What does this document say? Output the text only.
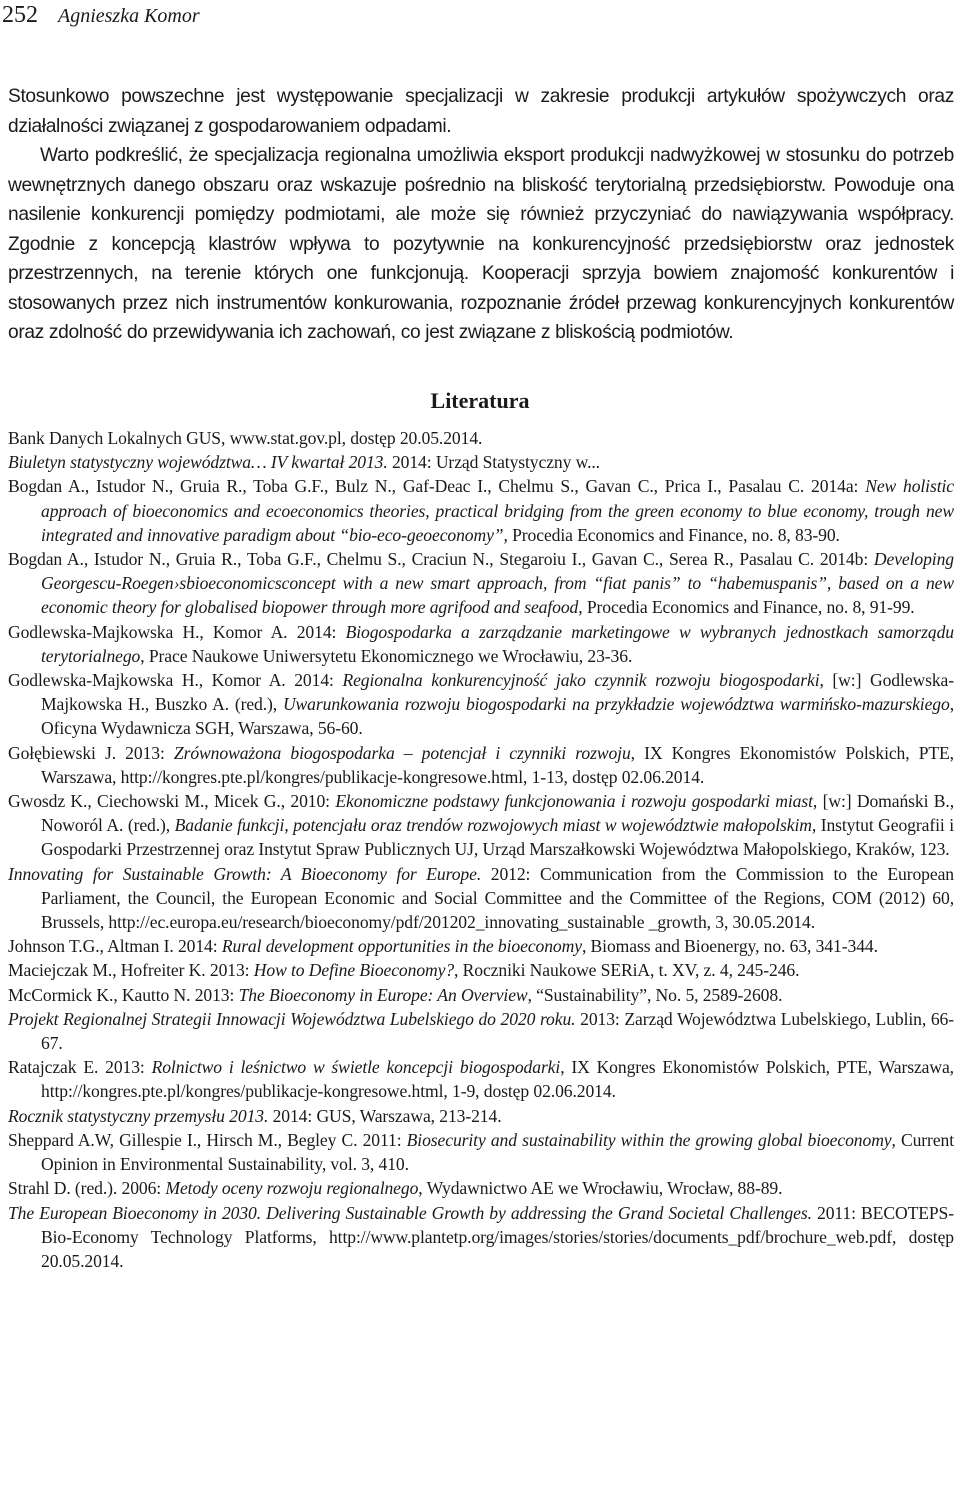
252 Agnieszka Komor

Stosunkowo powszechne jest występowanie specjalizacji w zakresie produkcji artykułów spożywczych oraz działalności związanej z gospodarowaniem odpadami.

Warto podkreślić, że specjalizacja regionalna umożliwia eksport produkcji nadwyżkowej w stosunku do potrzeb wewnętrznych danego obszaru oraz wskazuje pośrednio na bliskość terytorialną przedsiębiorstw. Powoduje ona nasilenie konkurencji pomiędzy podmiotami, ale może się również przyczyniać do nawiązywania współpracy. Zgodnie z koncepcją klastrów wpływa to pozytywnie na konkurencyjność przedsiębiorstw oraz jednostek przestrzennych, na terenie których one funkcjonują. Kooperacji sprzyja bowiem znajomość konkurentów i stosowanych przez nich instrumentów konkurowania, rozpoznanie źródeł przewag konkurencyjnych konkurentów oraz zdolność do przewidywania ich zachowań, co jest związane z bliskością podmiotów.

Literatura

Bank Danych Lokalnych GUS, www.stat.gov.pl, dostęp 20.05.2014.

Biuletyn statystyczny województwa… IV kwartał 2013. 2014: Urząd Statystyczny w...

Bogdan A., Istudor N., Gruia R., Toba G.F., Bulz N., Gaf-Deac I., Chelmu S., Gavan C., Prica I., Pasalau C. 2014a: New holistic approach of bioeconomics and ecoeconomics theories, practical bridging from the green economy to blue economy, trough new integrated and innovative paradigm about “bio-eco-geoeconomy”, Procedia Economics and Finance, no. 8, 83-90.

Bogdan A., Istudor N., Gruia R., Toba G.F., Chelmu S., Craciun N., Stegaroiu I., Gavan C., Serea R., Pasalau C. 2014b: Developing Georgescu-Roegen›sbioeconomicsconcept with a new smart approach, from “fiat panis” to “habemuspanis”, based on a new economic theory for globalised biopower through more agrifood and seafood, Procedia Economics and Finance, no. 8, 91-99.

Godlewska-Majkowska H., Komor A. 2014: Biogospodarka a zarządzanie marketingowe w wybranych jednostkach samorządu terytorialnego, Prace Naukowe Uniwersytetu Ekonomicznego we Wrocławiu, 23-36.

Godlewska-Majkowska H., Komor A. 2014: Regionalna konkurencyjność jako czynnik rozwoju biogospodarki, [w:] Godlewska-Majkowska H., Buszko A. (red.), Uwarunkowania rozwoju biogospodarki na przykładzie województwa warmińsko-mazurskiego, Oficyna Wydawnicza SGH, Warszawa, 56-60.

Gołębiewski J. 2013: Zrównoważona biogospodarka – potencjał i czynniki rozwoju, IX Kongres Ekonomistów Polskich, PTE, Warszawa, http://kongres.pte.pl/kongres/publikacje-kongresowe.html, 1-13, dostęp 02.06.2014.

Gwosdz K., Ciechowski M., Micek G., 2010: Ekonomiczne podstawy funkcjonowania i rozwoju gospodarki miast, [w:] Domański B., Noworól A. (red.), Badanie funkcji, potencjału oraz trendów rozwojowych miast w województwie małopolskim, Instytut Geografii i Gospodarki Przestrzennej oraz Instytut Spraw Publicznych UJ, Urząd Marszałkowski Województwa Małopolskiego, Kraków, 123.

Innovating for Sustainable Growth: A Bioeconomy for Europe. 2012: Communication from the Commission to the European Parliament, the Council, the European Economic and Social Committee and the Committee of the Regions, COM (2012) 60, Brussels, http://ec.europa.eu/research/bioeconomy/pdf/201202_innovating_sustainable _growth, 3, 30.05.2014.

Johnson T.G., Altman I. 2014: Rural development opportunities in the bioeconomy, Biomass and Bioenergy, no. 63, 341-344.

Maciejczak M., Hofreiter K. 2013: How to Define Bioeconomy?, Roczniki Naukowe SERiA, t. XV, z. 4, 245-246.

McCormick K., Kautto N. 2013: The Bioeconomy in Europe: An Overview, “Sustainability”, No. 5, 2589-2608.

Projekt Regionalnej Strategii Innowacji Województwa Lubelskiego do 2020 roku. 2013: Zarząd Województwa Lubelskiego, Lublin, 66-67.

Ratajczak E. 2013: Rolnictwo i leśnictwo w świetle koncepcji biogospodarki, IX Kongres Ekonomistów Polskich, PTE, Warszawa, http://kongres.pte.pl/kongres/publikacje-kongresowe.html, 1-9, dostęp 02.06.2014.

Rocznik statystyczny przemysłu 2013. 2014: GUS, Warszawa, 213-214.

Sheppard A.W, Gillespie I., Hirsch M., Begley C. 2011: Biosecurity and sustainability within the growing global bioeconomy, Current Opinion in Environmental Sustainability, vol. 3, 410.

Strahl D. (red.). 2006: Metody oceny rozwoju regionalnego, Wydawnictwo AE we Wrocławiu, Wrocław, 88-89.

The European Bioeconomy in 2030. Delivering Sustainable Growth by addressing the Grand Societal Challenges. 2011: BECOTEPS-Bio-Economy Technology Platforms, http://www.plantetp.org/images/stories/stories/documents_pdf/brochure_web.pdf, dostęp 20.05.2014.
